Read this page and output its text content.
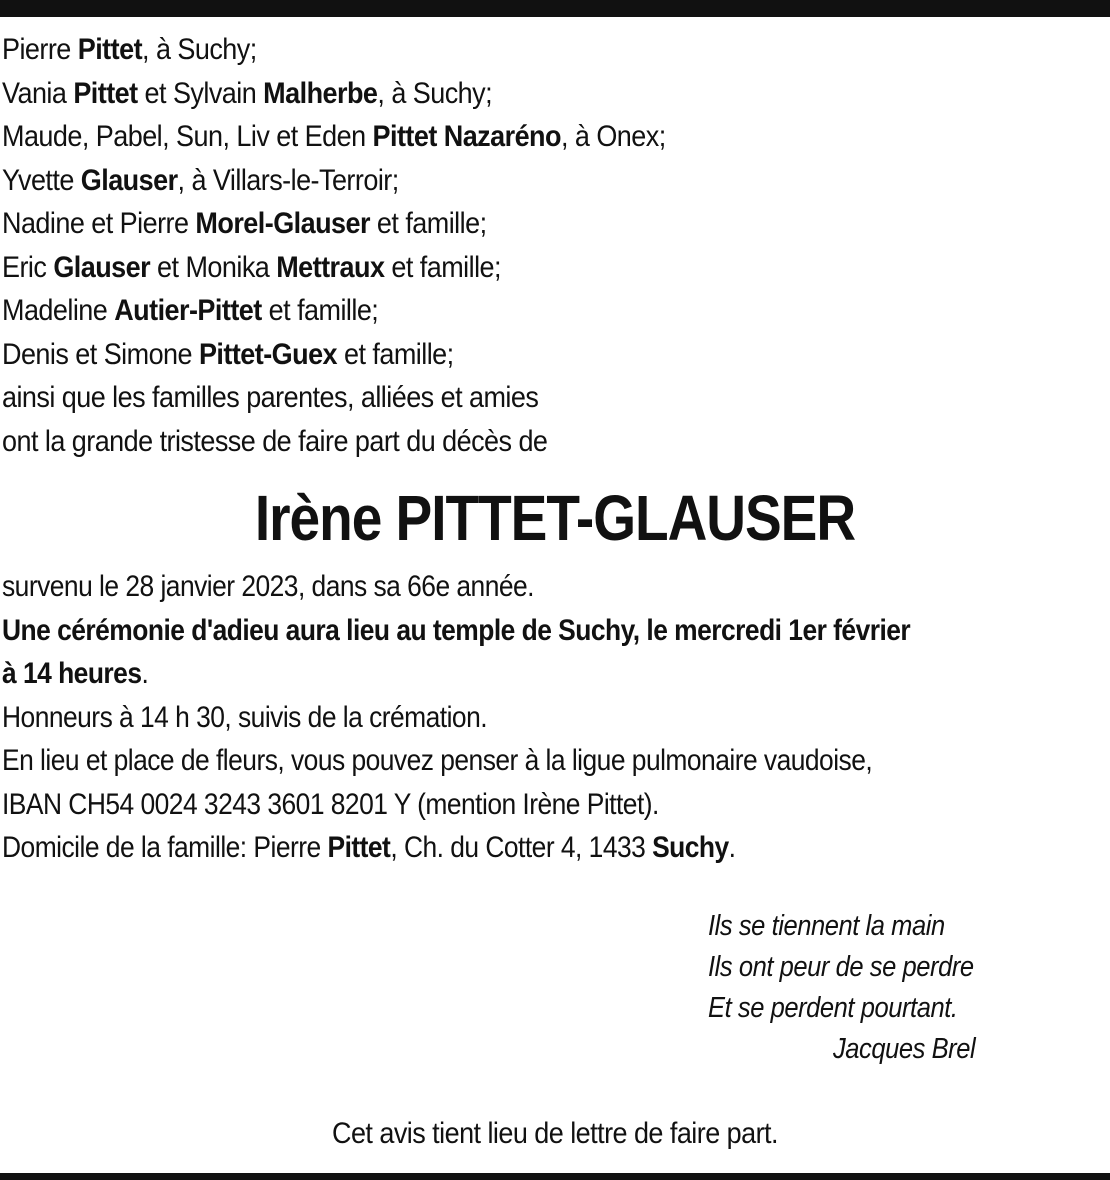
Pierre Pittet, à Suchy;
Vania Pittet et Sylvain Malherbe, à Suchy;
Maude, Pabel, Sun, Liv et Eden Pittet Nazaréno, à Onex;
Yvette Glauser, à Villars-le-Terroir;
Nadine et Pierre Morel-Glauser et famille;
Eric Glauser et Monika Mettraux et famille;
Madeline Autier-Pittet et famille;
Denis et Simone Pittet-Guex et famille;
ainsi que les familles parentes, alliées et amies
ont la grande tristesse de faire part du décès de
Irène PITTET-GLAUSER

survenu le 28 janvier 2023, dans sa 66e année.

Une cérémonie d'adieu aura lieu au temple de Suchy, le mercredi 1er février

à 14 heures.

Honneurs à 14 h 30, suivis de la crémation.

En lieu et place de fleurs, vous pouvez penser à la ligue pulmonaire vaudoise,

IBAN CH54 0024 3243 3601 8201 Y (mention Irène Pittet).

Domicile de la famille: Pierre Pittet, Ch. du Cotter 4, 1433 Suchy.

Ils se tiennent la main
Ils ont peur de se perdre
Et se perdent pourtant.
Jacques Brel
Cet avis tient lieu de lettre de faire part.
